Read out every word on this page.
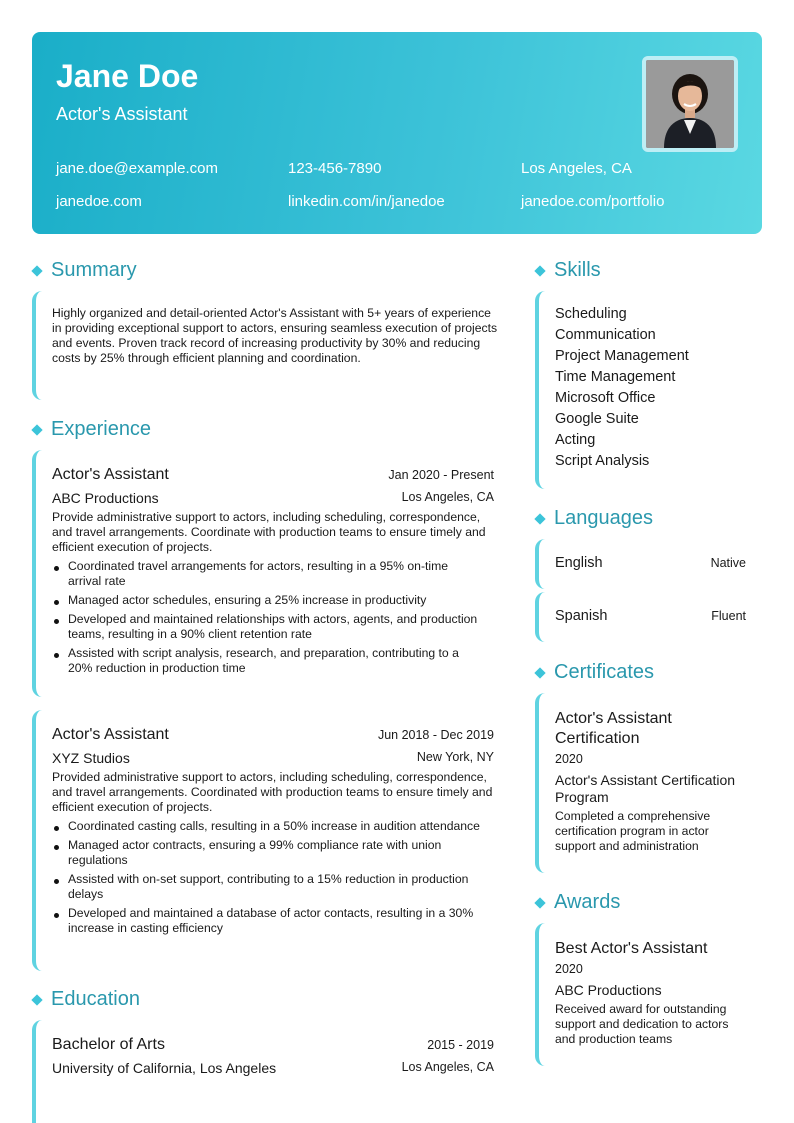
Jane Doe
Actor's Assistant
jane.doe@example.com	123-456-7890	Los Angeles, CA
janedoe.com	linkedin.com/in/janedoe	janedoe.com/portfolio
Summary
Highly organized and detail-oriented Actor's Assistant with 5+ years of experience in providing exceptional support to actors, ensuring seamless execution of projects and events. Proven track record of increasing productivity by 30% and reducing costs by 25% through efficient planning and coordination.
Experience
Actor's Assistant	Jan 2020 - Present
ABC Productions	Los Angeles, CA
Provide administrative support to actors, including scheduling, correspondence, and travel arrangements. Coordinate with production teams to ensure timely and efficient execution of projects.
Coordinated travel arrangements for actors, resulting in a 95% on-time arrival rate
Managed actor schedules, ensuring a 25% increase in productivity
Developed and maintained relationships with actors, agents, and production teams, resulting in a 90% client retention rate
Assisted with script analysis, research, and preparation, contributing to a 20% reduction in production time
Actor's Assistant	Jun 2018 - Dec 2019
XYZ Studios	New York, NY
Provided administrative support to actors, including scheduling, correspondence, and travel arrangements. Coordinated with production teams to ensure timely and efficient execution of projects.
Coordinated casting calls, resulting in a 50% increase in audition attendance
Managed actor contracts, ensuring a 99% compliance rate with union regulations
Assisted with on-set support, contributing to a 15% reduction in production delays
Developed and maintained a database of actor contacts, resulting in a 30% increase in casting efficiency
Education
Bachelor of Arts	2015 - 2019
University of California, Los Angeles	Los Angeles, CA
Skills
Scheduling
Communication
Project Management
Time Management
Microsoft Office
Google Suite
Acting
Script Analysis
Languages
English	Native
Spanish	Fluent
Certificates
Actor's Assistant Certification
2020
Actor's Assistant Certification Program
Completed a comprehensive certification program in actor support and administration
Awards
Best Actor's Assistant
2020
ABC Productions
Received award for outstanding support and dedication to actors and production teams
